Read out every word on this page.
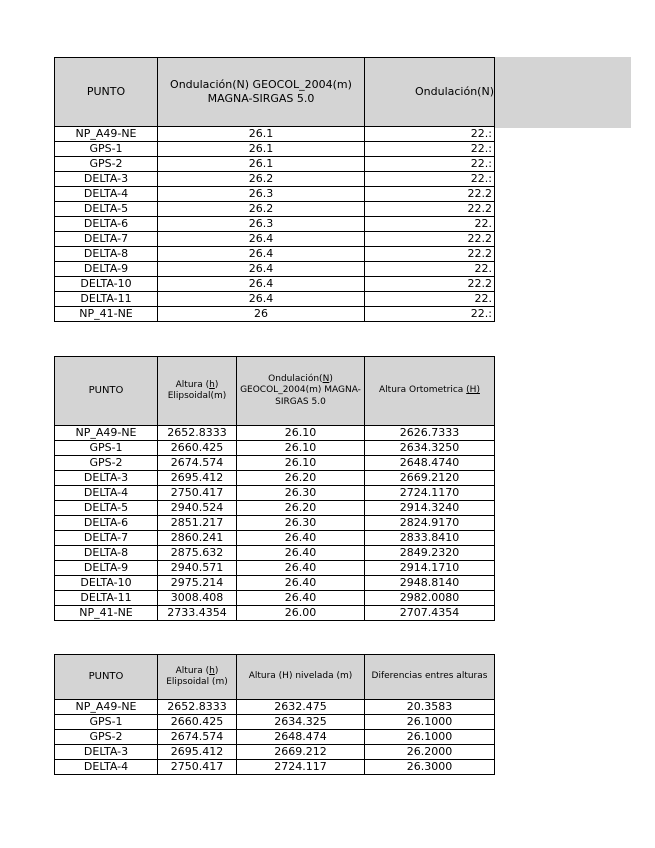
PUNTO	Ondulación(N) GEOCOL_2004(m) MAGNA-SIRGAS 5.0	Ondulación(N)
NP_A49-NE	26.1	22.:
GPS-1	26.1	22.:
GPS-2	26.1	22.:
DELTA-3	26.2	22.:
DELTA-4	26.3	22.2
DELTA-5	26.2	22.2
DELTA-6	26.3	22.
DELTA-7	26.4	22.2
DELTA-8	26.4	22.2
DELTA-9	26.4	22.
DELTA-10	26.4	22.2
DELTA-11	26.4	22.
NP_41-NE	26	22.:
PUNTO	Altura (h) Elipsoidal(m)	Ondulación(N) GEOCOL_2004(m) MAGNA-SIRGAS 5.0	Altura Ortometrica (H)
NP_A49-NE	2652.8333	26.10	2626.7333
GPS-1	2660.425	26.10	2634.3250
GPS-2	2674.574	26.10	2648.4740
DELTA-3	2695.412	26.20	2669.2120
DELTA-4	2750.417	26.30	2724.1170
DELTA-5	2940.524	26.20	2914.3240
DELTA-6	2851.217	26.30	2824.9170
DELTA-7	2860.241	26.40	2833.8410
DELTA-8	2875.632	26.40	2849.2320
DELTA-9	2940.571	26.40	2914.1710
DELTA-10	2975.214	26.40	2948.8140
DELTA-11	3008.408	26.40	2982.0080
NP_41-NE	2733.4354	26.00	2707.4354
PUNTO	Altura (h) Elipsoidal (m)	Altura (H) nivelada (m)	Diferencias entres alturas
NP_A49-NE	2652.8333	2632.475	20.3583
GPS-1	2660.425	2634.325	26.1000
GPS-2	2674.574	2648.474	26.1000
DELTA-3	2695.412	2669.212	26.2000
DELTA-4	2750.417	2724.117	26.3000
